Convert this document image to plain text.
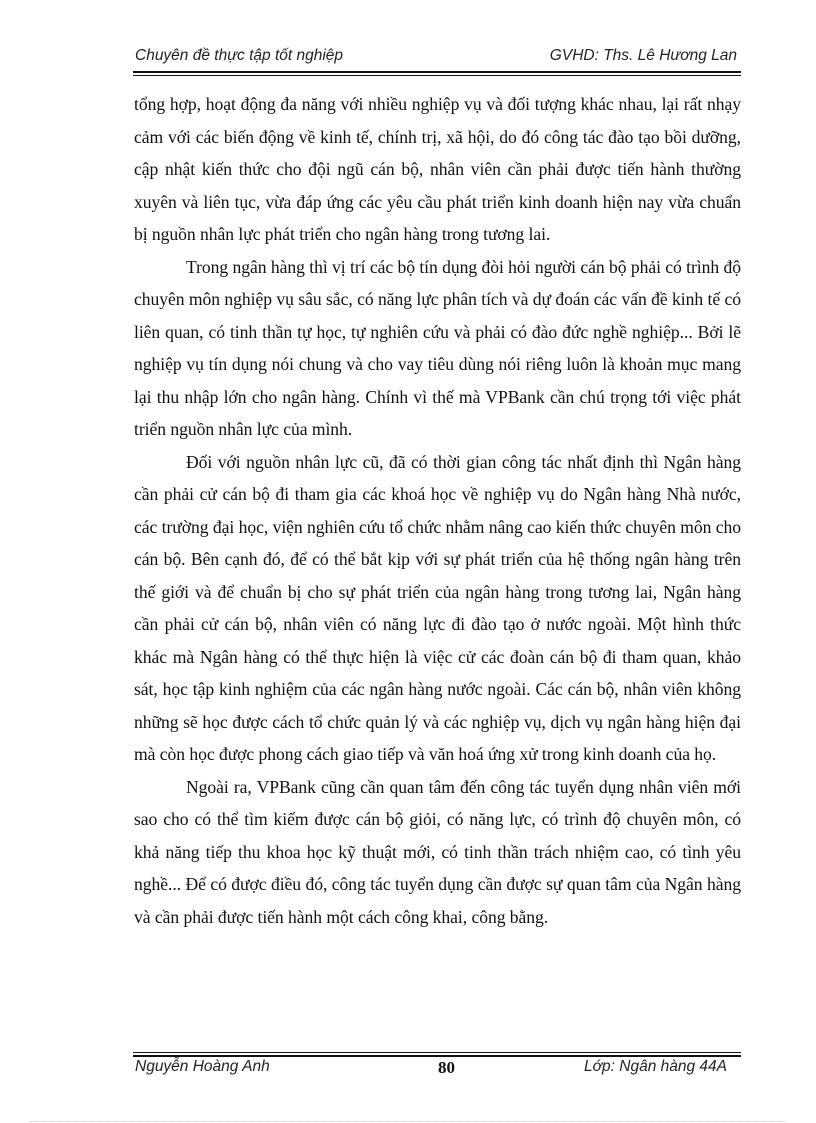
Chuyên đề thực tập tốt nghiệp	GVHD: Ths. Lê Hương Lan

tổng hợp, hoạt động đa năng với nhiều nghiệp vụ và đối tượng khác nhau, lại rất nhạy cảm với các biến động về kinh tế, chính trị, xã hội, do đó công tác đào tạo bồi dưỡng, cập nhật kiến thức cho đội ngũ cán bộ, nhân viên cần phải được tiến hành thường xuyên và liên tục, vừa đáp ứng các yêu cầu phát triển kinh doanh hiện nay vừa chuẩn bị nguồn nhân lực phát triển cho ngân hàng trong tương lai.

Trong ngân hàng thì vị trí các bộ tín dụng đòi hỏi người cán bộ phải có trình độ chuyên môn nghiệp vụ sâu sắc, có năng lực phân tích và dự đoán các vấn đề kinh tế có liên quan, có tinh thần tự học, tự nghiên cứu và phải có đào đức nghề nghiệp... Bởi lẽ nghiệp vụ tín dụng nói chung và cho vay tiêu dùng nói riêng luôn là khoản mục mang lại thu nhập lớn cho ngân hàng. Chính vì thế mà VPBank cần chú trọng tới việc phát triển nguồn nhân lực của mình.

Đối với nguồn nhân lực cũ, đã có thời gian công tác nhất định thì Ngân hàng cần phải cử cán bộ đi tham gia các khoá học về nghiệp vụ do Ngân hàng Nhà nước, các trường đại học, viện nghiên cứu tổ chức nhằm nâng cao kiến thức chuyên môn cho cán bộ. Bên cạnh đó, để có thể bắt kịp với sự phát triển của hệ thống ngân hàng trên thế giới và để chuẩn bị cho sự phát triển của ngân hàng trong tương lai, Ngân hàng cần phải cử cán bộ, nhân viên có năng lực đi đào tạo ở nước ngoài. Một hình thức khác mà Ngân hàng có thể thực hiện là việc cử các đoàn cán bộ đi tham quan, khảo sát, học tập kinh nghiệm của các ngân hàng nước ngoài. Các cán bộ, nhân viên không những sẽ học được cách tổ chức quản lý và các nghiệp vụ, dịch vụ ngân hàng hiện đại mà còn học được phong cách giao tiếp và văn hoá ứng xử trong kinh doanh của họ.

Ngoài ra, VPBank cũng cần quan tâm đến công tác tuyển dụng nhân viên mới sao cho có thể tìm kiếm được cán bộ giỏi, có năng lực, có trình độ chuyên môn, có khả năng tiếp thu khoa học kỹ thuật mới, có tinh thần trách nhiệm cao, có tình yêu nghề... Để có được điều đó, công tác tuyển dụng cần được sự quan tâm của Ngân hàng và cần phải được tiến hành một cách công khai, công bằng.

Nguyễn Hoàng Anh	80	Lớp: Ngân hàng 44A
